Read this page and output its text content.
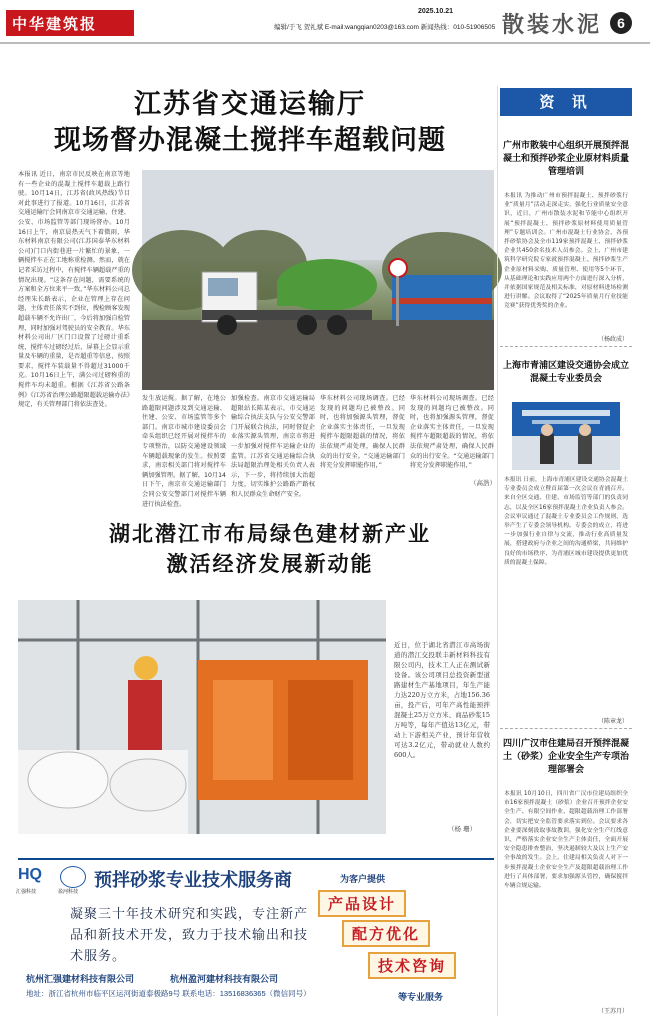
中华建筑报
2025.10.21
编辑/于飞 贺礼斌 E-mail:wangqian0203@163.com 新闻热线：010-51906505 散装水泥	6
江苏省交通运输厅
现场督办混凝土搅拌车超载问题
本报讯 近日，南京市民反映在南京等地有一些企业的混凝土搅拌车超载上路行驶。10月14日，江苏省(政风热线)节目对此事进行了报道。10月16日，江苏省交通运输厅会同南京市交通运输、住建、公安、市场监管等部门现场督办。10月16日上午，南京晨热天气下着微雨，华东材料南京有限公司(江苏国泰华东材料公司)门口内街巷进一片繁忙的景象，一辆搅拌车正在工地称重检测。然而，就在记者采访过程中，有搅拌车辆超载严重的情况出现。“这条存在问题，需要系统的方案和全方位来平一致，”华东材料公司总经理朱长路表示，企业在管理上存在问题，主体责任落实不到位，搜检顾客发现超载车辆不允许出厂，今后将加强自检管理，同时加强对驾驶员的安全教育。华东材料公司出厂区门口设置了过磅计重系统，搅拌车过磅经过后，屏幕上会显示重量及车辆的重量，是否超重等信息，按照要求，搅拌车装载量不得超过31000千克。10月16日上午，满公司过磅称重的搅拌车均未超重。根据《江苏省公路条例》《江苏省治理公路超限超载运输办法》规定，有关管理部门将依法查处。
发生放运搅。据了解，在地公路超限问题涉及到交通运输、住建、公安、市场监管等多个部门。南京市城市建设委员会牵头组织已经开展对搅拌车的专项整治，以防交通建设领域车辆超载现象的发生。按照要求，南京相关部门将对搅拌车辆加强管理。据了解，10月14日下午，南京市交通运输部门会同公安交警部门对搅拌车辆进行执法检查。
加强检查。南京市交通运输局超限站长陈某表示，市交通运输综合执法支队与公安交警部门开展联合执法，同时督促企业落实源头管理，南京市将进一步加强对搅拌车运输企业的监管。江苏省交通运输综合执法局超限治理处相关负责人表示，下一步，将持续加大治超力度，切实维护公路路产路权和人民群众生命财产安全。
华东材料公司现场调查。已经发现的问题均已被整改。同时，也将加强源头管理，督促企业落实主体责任，一旦发现搅拌车超限超载的情况，将依法依规严肃处理，确保人民群众的出行安全。“交通运输部门将充分发挥职能作用，”
华东材料公司现场调查。已经发现的问题均已被整改。同时，也将加强源头管理，督促企业落实主体责任，一旦发现搅拌车超限超载的情况，将依法依规严肃处理，确保人民群众的出行安全。“交通运输部门将充分发挥职能作用，”
（高浩）
湖北潜江市布局绿色建材新产业
激活经济发展新动能
近日，位于湖北省潜江市高场街道的潜江交投联丰新材料科技有限公司内，技术工人正在测试新设备。该公司项目总投资新型道路建材生产基地项目，年生产能力达220万立方米，占地156.36亩，投产后，可年产高性能预拌混凝土25万立方米、商品砂浆15万吨等，每年产值达13亿元，带动上下游相关产业，预计年营收可达3.2亿元，带动就业人数约600人。
（杨 珊）
HQ
汇强科技	盈河科技
预拌砂浆专业技术服务商	为客户提供
凝聚三十年技术研究和实践，专注新产品和新技术开发，致力于技术输出和技术服务。
产品设计
配方优化
技术咨询
等专业服务
杭州汇强建材科技有限公司	杭州盈河建材科技有限公司
地址：浙江省杭州市临平区运河街道泰极路9号 联系电话：13516836365（微信同号）
资 讯
广州市散装中心组织开展预拌混凝土和预拌砂浆企业原材料质量管理培训
本报讯 为推动广州市预拌混凝土、预拌砂浆行业“质量月”活动走深走实，强化行业质量安全意识，近日，广州市散装水泥和节能中心组织开展“预拌混凝土、预拌砂浆原材料使用质量管理”专题培训会。广州市混凝土行业协会、各预拌砂浆协会及全市119家预拌混凝土、预拌砂浆企业共450余名技术人员参会。会上，广州市建筑科学研究院专家就预拌混凝土、预拌砂浆生产企业原材料采购、质量管理、使用等5个环节，从基础理论和实践应用两个方面进行深入分析，并依据国家规范及相关标准，对原材料进场检测进行讲解。会议取得了“2025年质量月行业技能竞赛”获得优秀奖的企业。
（杨政成）
上海市青浦区建设交通协会成立混凝土专业委员会
本报讯 日前，上海市青浦区建设交通协会混凝土专业委员会成立暨首届第一次会议在青浦召开。来自全区交通、住建、市场监管等部门的负责同志，以及全区16家预拌混凝土企业负责人参会。会议审议通过了混凝土专业委员会工作规则，选举产生了专委会领导机构。专委会的成立，将进一步加强行业自律与交流，推动行业高质量发展，搭建政府与企业之间的沟通桥梁，共同维护良好的市场秩序，为青浦区城市建设提供更加优质的混凝土保障。
（陈章龙）
四川广汉市住建局召开预拌混凝土（砂浆）企业安全生产专项治理部署会
本报讯 10月10日，四川省广汉市住建局组织全市16家预拌混凝土（砂浆）企业召开预拌企业安全生产、有限空间作业、超限超载治理工作部署会，切实把安全监管要求落实到位。会议要求各企业要深刻汲取事故教训，强化安全生产红线意识，严格落实企业安全生产主体责任，全面开展安全隐患排查整治，坚决遏制较大及以上生产安全事故的发生。会上，住建局相关负责人对下一步预拌混凝土企业安全生产及超限超载治理工作进行了具体部署，要求加强源头管控，确保搅拌车辆合规运输。
（王苏月）
